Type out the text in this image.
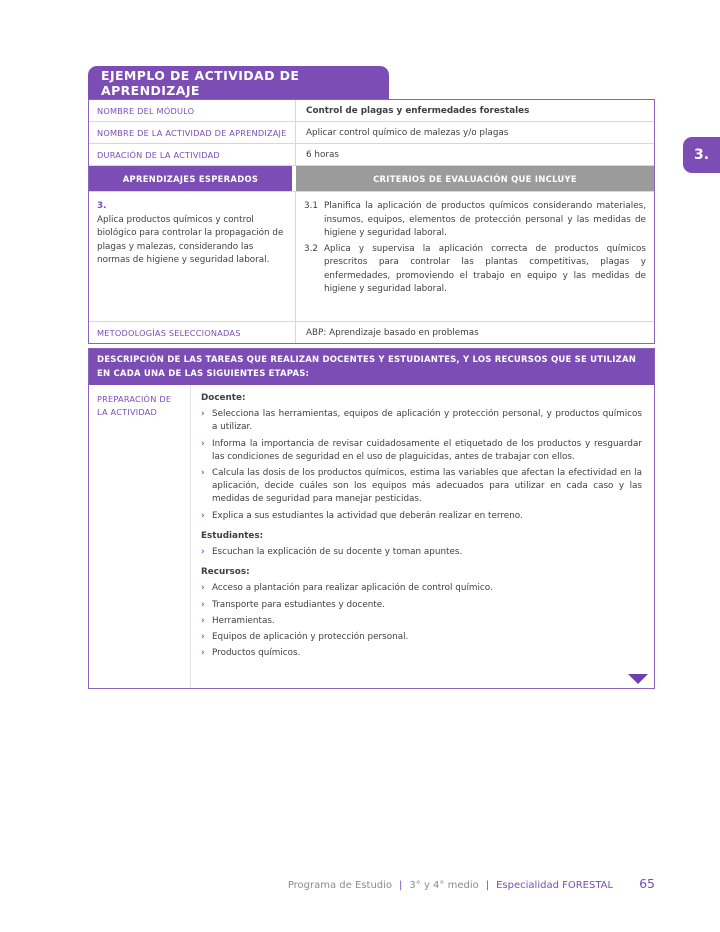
EJEMPLO DE ACTIVIDAD DE APRENDIZAJE
NOMBRE DEL MÓDULO	Control de plagas y enfermedades forestales
NOMBRE DE LA ACTIVIDAD DE APRENDIZAJE	Aplicar control químico de malezas y/o plagas
DURACIÓN DE LA ACTIVIDAD	6 horas
APRENDIZAJES ESPERADOS	CRITERIOS DE EVALUACIÓN QUE INCLUYE
3.
Aplica productos químicos y control biológico para controlar la propagación de plagas y malezas, considerando las normas de higiene y seguridad laboral.
3.1 Planifica la aplicación de productos químicos considerando materiales, insumos, equipos, elementos de protección personal y las medidas de higiene y seguridad laboral.
3.2 Aplica y supervisa la aplicación correcta de productos químicos prescritos para controlar las plantas competitivas, plagas y enfermedades, promoviendo el trabajo en equipo y las medidas de higiene y seguridad laboral.
METODOLOGÍAS SELECCIONADAS	ABP: Aprendizaje basado en problemas
DESCRIPCIÓN DE LAS TAREAS QUE REALIZAN DOCENTES Y ESTUDIANTES, Y LOS RECURSOS QUE SE UTILIZAN EN CADA UNA DE LAS SIGUIENTES ETAPAS:
PREPARACIÓN DE LA ACTIVIDAD
Docente:
› Selecciona las herramientas, equipos de aplicación y protección personal, y productos químicos a utilizar.
› Informa la importancia de revisar cuidadosamente el etiquetado de los productos y resguardar las condiciones de seguridad en el uso de plaguicidas, antes de trabajar con ellos.
› Calcula las dosis de los productos químicos, estima las variables que afectan la efectividad en la aplicación, decide cuáles son los equipos más adecuados para utilizar en cada caso y las medidas de seguridad para manejar pesticidas.
› Explica a sus estudiantes la actividad que deberán realizar en terreno.
Estudiantes:
› Escuchan la explicación de su docente y toman apuntes.
Recursos:
› Acceso a plantación para realizar aplicación de control químico.
› Transporte para estudiantes y docente.
› Herramientas.
› Equipos de aplicación y protección personal.
› Productos químicos.
3.
Programa de Estudio | 3° y 4° medio | Especialidad FORESTAL 65
